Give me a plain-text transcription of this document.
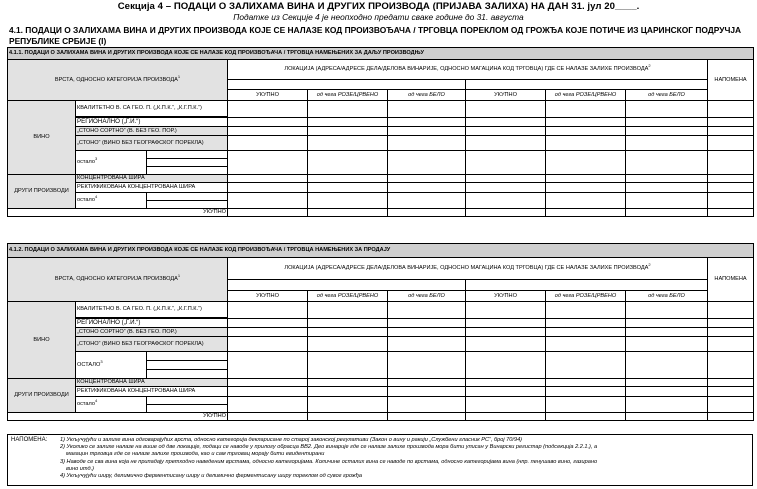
Секција 4 – ПОДАЦИ О ЗАЛИХАМА ВИНА И ДРУГИХ ПРОИЗВОДА (ПРИЈАВА ЗАЛИХА) НА ДАН 31. јул 20____.
Податке из Секције 4 је неопходно предати сваке године до 31. августа
4.1. ПОДАЦИ О ЗАЛИХАМА ВИНА И ДРУГИХ ПРОИЗВОДА КОЈЕ СЕ НАЛАЗЕ КОД ПРОИЗВОЂАЧА / ТРГОВЦА ПОРЕКЛОМ ОД ГРОЖЂА КОЈЕ ПОТИЧЕ ИЗ ЦАРИНСКОГ ПОДРУЧЈА РЕПУБЛИКЕ СРБИЈЕ (I)
4.1.1. ПОДАЦИ О ЗАЛИХАМА ВИНА И ДРУГИХ ПРОИЗВОДА КОЈЕ СЕ НАЛАЗЕ КОД ПРОИЗВОЂАЧА / ТРГОВЦА НАМЕЊЕНИХ ЗА ДАЉУ ПРОИЗВОДЊУ									
ВРСТА, ОДНОСНО КАТЕГОРИЈА ПРОИЗВОДА$^1$			ЛОКАЦИЈА (АДРЕСА/АДРЕСЕ ДЕЛА/ДЕЛОВА ВИНАРИЈЕ, ОДНОСНО МАГАЦИНА КОД ТРГОВЦА) ГДЕ СЕ НАЛАЗЕ ЗАЛИХЕ ПРОИЗВОДА$^2$						НАПОМЕНА

			УКУПНО	од чега РОЗЕ/ЦРВЕНО	од чега БЕЛО	УКУПНО	од чега РОЗЕ/ЦРВЕНО	од чега БЕЛО	
ВИНО	КВАЛИТЕТНО В. СА ГЕО. П. („К.П.К.“, „К.Г.П.К.“)								

	РЕГИОНАЛНО („Г.И.“)								
	„СТОНО СОРТНО“ (В. БЕЗ ГЕО. ПОР.)								
	„СТОНО“ (ВИНО БЕЗ ГЕОГРАФСКОГ ПОРЕКЛА)								
	остало$^3$								

ДРУГИ ПРОИЗВОДИ	КОНЦЕНТРОВАНА ШИРА								
	РЕКТИФИКОВАНА КОНЦЕНТРОВАНА ШИРА								
	остало$^4$								

УКУПНО									
4.1.2. ПОДАЦИ О ЗАЛИХАМА ВИНА И ДРУГИХ ПРОИЗВОДА КОЈЕ СЕ НАЛАЗЕ КОД ПРОИЗВОЂАЧА / ТРГОВЦА НАМЕЊЕНИХ ЗА ПРОДАЈУ									
ВРСТА, ОДНОСНО КАТЕГОРИЈА ПРОИЗВОДА$^1$			ЛОКАЦИЈА (АДРЕСА/АДРЕСЕ ДЕЛА/ДЕЛОВА ВИНАРИЈЕ, ОДНОСНО МАГАЦИНА КОД ТРГОВЦА) ГДЕ СЕ НАЛАЗЕ ЗАЛИХЕ ПРОИЗВОДА$^2$						НАПОМЕНА

			УКУПНО	од чега РОЗЕ/ЦРВЕНО	од чега БЕЛО	УКУПНО	од чега РОЗЕ/ЦРВЕНО	од чега БЕЛО	
ВИНО	КВАЛИТЕТНО В. СА ГЕО. П. („К.П.К.“, „К.Г.П.К.“)								

	РЕГИОНАЛНО („Г.И.“)								
	„СТОНО СОРТНО“ (В. БЕЗ ГЕО. ПОР.)								
	„СТОНО“ (ВИНО БЕЗ ГЕОГРАФСКОГ ПОРЕКЛА)								
	ОСТАЛО$^3$								

ДРУГИ ПРОИЗВОДИ	КОНЦЕНТРОВАНА ШИРА								
	РЕКТИФИКОВАНА КОНЦЕНТРОВАНА ШИРА								
	остало$^4$								

УКУПНО									
НАПОМЕНА: 1) Укључујући и залихе вина одговарајућих врста, односно категорија декларисане по старој законској регулативи (Закон о вину и ракији „Службени гласник РС“, број 70/94)
2) Уколико се залихе налазе на више од две локације, подаци се наводе у прилогу обрасца ВВ2. Део винарије где се налазе залихе производа мора бити уписан у Винарски регистар (подсекција 2.2.1.), а
магацин трговца где се налазе залихе производа, као и сам трговац морају бити евидентирани
3) Наводе се сва вина која не припадају претходно наведеним врстама, односно категоријама. Количине осталих вина се наводе по врстама, односно категоријама вина (нпр. пенушаво вино, газирано
вино итд.)
4) Укључујући ширу, делимично ферментисану ширу и делимично ферментисану ширу пореклом од сувог грожђа
